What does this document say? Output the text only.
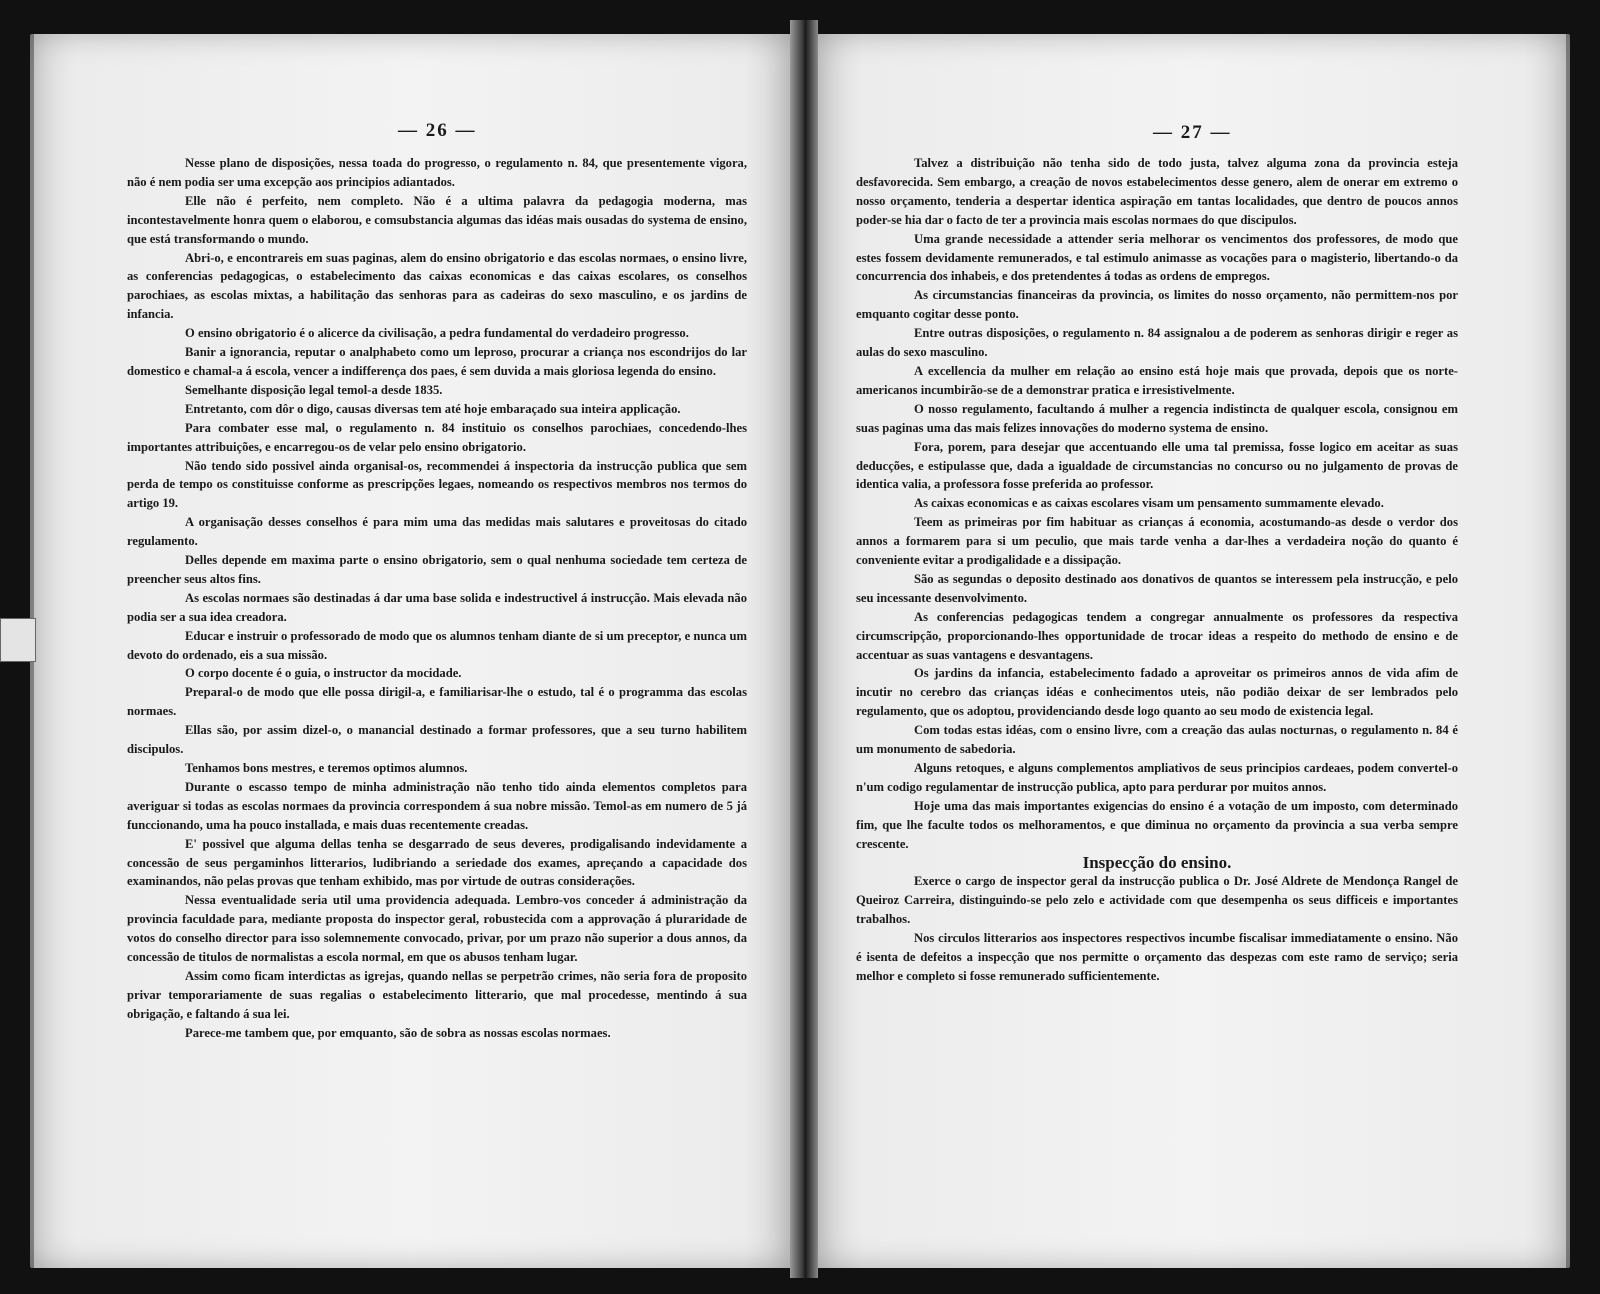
— 26 —

Nesse plano de disposições, nessa toada do progresso, o regulamento n. 84, que presentemente vigora, não é nem podia ser uma excepção aos principios adiantados.

Elle não é perfeito, nem completo. Não é a ultima palavra da pedagogia moderna, mas incontestavelmente honra quem o elaborou, e comsubstancia algumas das idéas mais ousadas do systema de ensino, que está transformando o mundo.

Abri-o, e encontrareis em suas paginas, alem do ensino obrigatorio e das escolas normaes, o ensino livre, as conferencias pedagogicas, o estabelecimento das caixas economicas e das caixas escolares, os conselhos parochiaes, as escolas mixtas, a habilitação das senhoras para as cadeiras do sexo masculino, e os jardins de infancia.

O ensino obrigatorio é o alicerce da civilisação, a pedra fundamental do verdadeiro progresso.

Banir a ignorancia, reputar o analphabeto como um leproso, procurar a criança nos escondrijos do lar domestico e chamal-a á escola, vencer a indifferença dos paes, é sem duvida a mais gloriosa legenda do ensino.

Semelhante disposição legal temol-a desde 1835.

Entretanto, com dôr o digo, causas diversas tem até hoje embaraçado sua inteira applicação.

Para combater esse mal, o regulamento n. 84 instituio os conselhos parochiaes, concedendo-lhes importantes attribuições, e encarregou-os de velar pelo ensino obrigatorio.

Não tendo sido possivel ainda organisal-os, recommendei á inspectoria da instrucção publica que sem perda de tempo os constituisse conforme as prescripções legaes, nomeando os respectivos membros nos termos do artigo 19.

A organisação desses conselhos é para mim uma das medidas mais salutares e proveitosas do citado regulamento.

Delles depende em maxima parte o ensino obrigatorio, sem o qual nenhuma sociedade tem certeza de preencher seus altos fins.

As escolas normaes são destinadas á dar uma base solida e indestructivel á instrucção. Mais elevada não podia ser a sua idea creadora.

Educar e instruir o professorado de modo que os alumnos tenham diante de si um preceptor, e nunca um devoto do ordenado, eis a sua missão.

O corpo docente é o guia, o instructor da mocidade.

Preparal-o de modo que elle possa dirigil-a, e familiarisar-lhe o estudo, tal é o programma das escolas normaes.

Ellas são, por assim dizel-o, o manancial destinado a formar professores, que a seu turno habilitem discipulos.

Tenhamos bons mestres, e teremos optimos alumnos.

Durante o escasso tempo de minha administração não tenho tido ainda elementos completos para averiguar si todas as escolas normaes da provincia correspondem á sua nobre missão. Temol-as em numero de 5 já funccionando, uma ha pouco installada, e mais duas recentemente creadas.

E' possivel que alguma dellas tenha se desgarrado de seus deveres, prodigalisando indevidamente a concessão de seus pergaminhos litterarios, ludibriando a seriedade dos exames, apreçando a capacidade dos examinandos, não pelas provas que tenham exhibido, mas por virtude de outras considerações.

Nessa eventualidade seria util uma providencia adequada. Lembro-vos conceder á administração da provincia faculdade para, mediante proposta do inspector geral, robustecida com a approvação á pluraridade de votos do conselho director para isso solemnemente convocado, privar, por um prazo não superior a dous annos, da concessão de titulos de normalistas a escola normal, em que os abusos tenham lugar.

Assim como ficam interdictas as igrejas, quando nellas se perpetrão crimes, não seria fora de proposito privar temporariamente de suas regalias o estabelecimento litterario, que mal procedesse, mentindo á sua obrigação, e faltando á sua lei.

Parece-me tambem que, por emquanto, são de sobra as nossas escolas normaes.

— 27 —

Talvez a distribuição não tenha sido de todo justa, talvez alguma zona da provincia esteja desfavorecida. Sem embargo, a creação de novos estabelecimentos desse genero, alem de onerar em extremo o nosso orçamento, tenderia a despertar identica aspiração em tantas localidades, que dentro de poucos annos poder-se hia dar o facto de ter a provincia mais escolas normaes do que discipulos.

Uma grande necessidade a attender seria melhorar os vencimentos dos professores, de modo que estes fossem devidamente remunerados, e tal estimulo animasse as vocações para o magisterio, libertando-o da concurrencia dos inhabeis, e dos pretendentes á todas as ordens de empregos.

As circumstancias financeiras da provincia, os limites do nosso orçamento, não permittem-nos por emquanto cogitar desse ponto.

Entre outras disposições, o regulamento n. 84 assignalou a de poderem as senhoras dirigir e reger as aulas do sexo masculino.

A excellencia da mulher em relação ao ensino está hoje mais que provada, depois que os norte-americanos incumbirão-se de a demonstrar pratica e irresistivelmente.

O nosso regulamento, facultando á mulher a regencia indistincta de qualquer escola, consignou em suas paginas uma das mais felizes innovações do moderno systema de ensino.

Fora, porem, para desejar que accentuando elle uma tal premissa, fosse logico em aceitar as suas deducções, e estipulasse que, dada a igualdade de circumstancias no concurso ou no julgamento de provas de identica valia, a professora fosse preferida ao professor.

As caixas economicas e as caixas escolares visam um pensamento summamente elevado.

Teem as primeiras por fim habituar as crianças á economia, acostumando-as desde o verdor dos annos a formarem para si um peculio, que mais tarde venha a dar-lhes a verdadeira noção do quanto é conveniente evitar a prodigalidade e a dissipação.

São as segundas o deposito destinado aos donativos de quantos se interessem pela instrucção, e pelo seu incessante desenvolvimento.

As conferencias pedagogicas tendem a congregar annualmente os professores da respectiva circumscripção, proporcionando-lhes opportunidade de trocar ideas a respeito do methodo de ensino e de accentuar as suas vantagens e desvantagens.

Os jardins da infancia, estabelecimento fadado a aproveitar os primeiros annos de vida afim de incutir no cerebro das crianças idéas e conhecimentos uteis, não podião deixar de ser lembrados pelo regulamento, que os adoptou, providenciando desde logo quanto ao seu modo de existencia legal.

Com todas estas idéas, com o ensino livre, com a creação das aulas nocturnas, o regulamento n. 84 é um monumento de sabedoria.

Alguns retoques, e alguns complementos ampliativos de seus principios cardeaes, podem convertel-o n'um codigo regulamentar de instrucção publica, apto para perdurar por muitos annos.

Hoje uma das mais importantes exigencias do ensino é a votação de um imposto, com determinado fim, que lhe faculte todos os melhoramentos, e que diminua no orçamento da provincia a sua verba sempre crescente.

Inspecção do ensino.

Exerce o cargo de inspector geral da instrucção publica o Dr. José Aldrete de Mendonça Rangel de Queiroz Carreira, distinguindo-se pelo zelo e actividade com que desempenha os seus difficeis e importantes trabalhos.

Nos circulos litterarios aos inspectores respectivos incumbe fiscalisar immediatamente o ensino. Não é isenta de defeitos a inspecção que nos permitte o orçamento das despezas com este ramo de serviço; seria melhor e completo si fosse remunerado sufficientemente.
